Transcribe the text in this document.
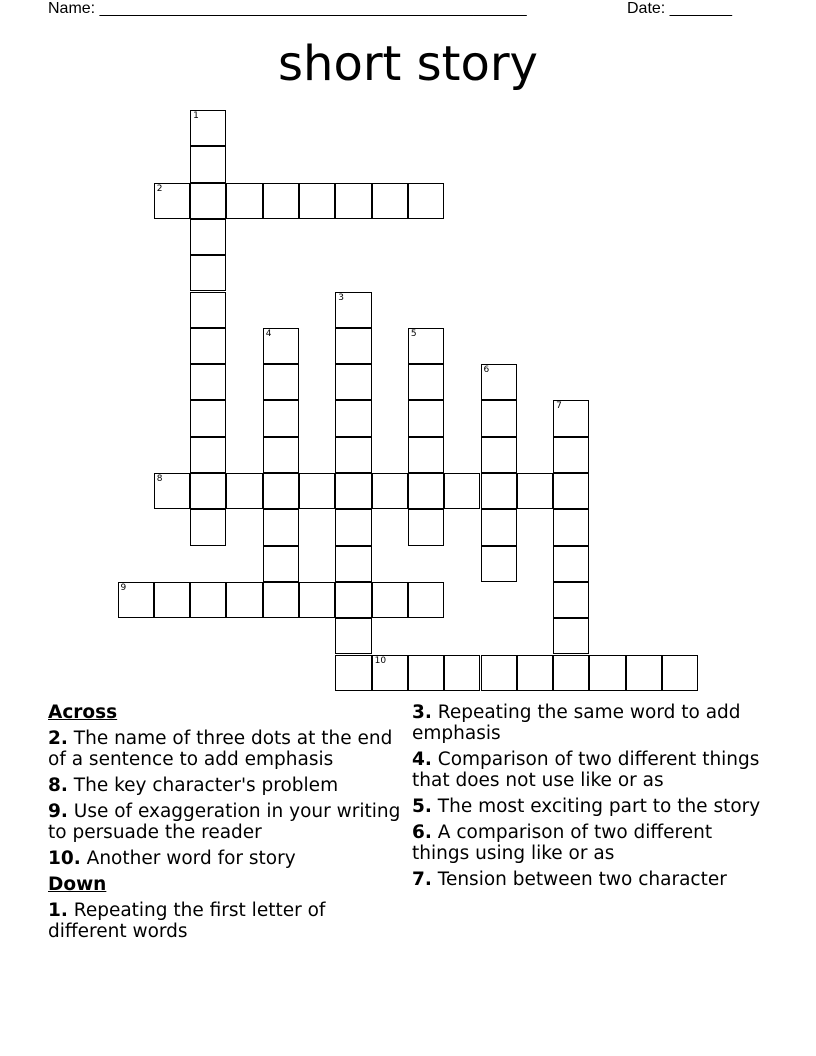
Name: ________________________________________________	Date: _______
short story
1
2
3
4	5
6
7
8
9
10
Across
2. The name of three dots at the end of a sentence to add emphasis
8. The key character's problem
9. Use of exaggeration in your writing to persuade the reader
10. Another word for story
Down
1. Repeating the first letter of different words
3. Repeating the same word to add emphasis
4. Comparison of two different things that does not use like or as
5. The most exciting part to the story
6. A comparison of two different things using like or as
7. Tension between two character
